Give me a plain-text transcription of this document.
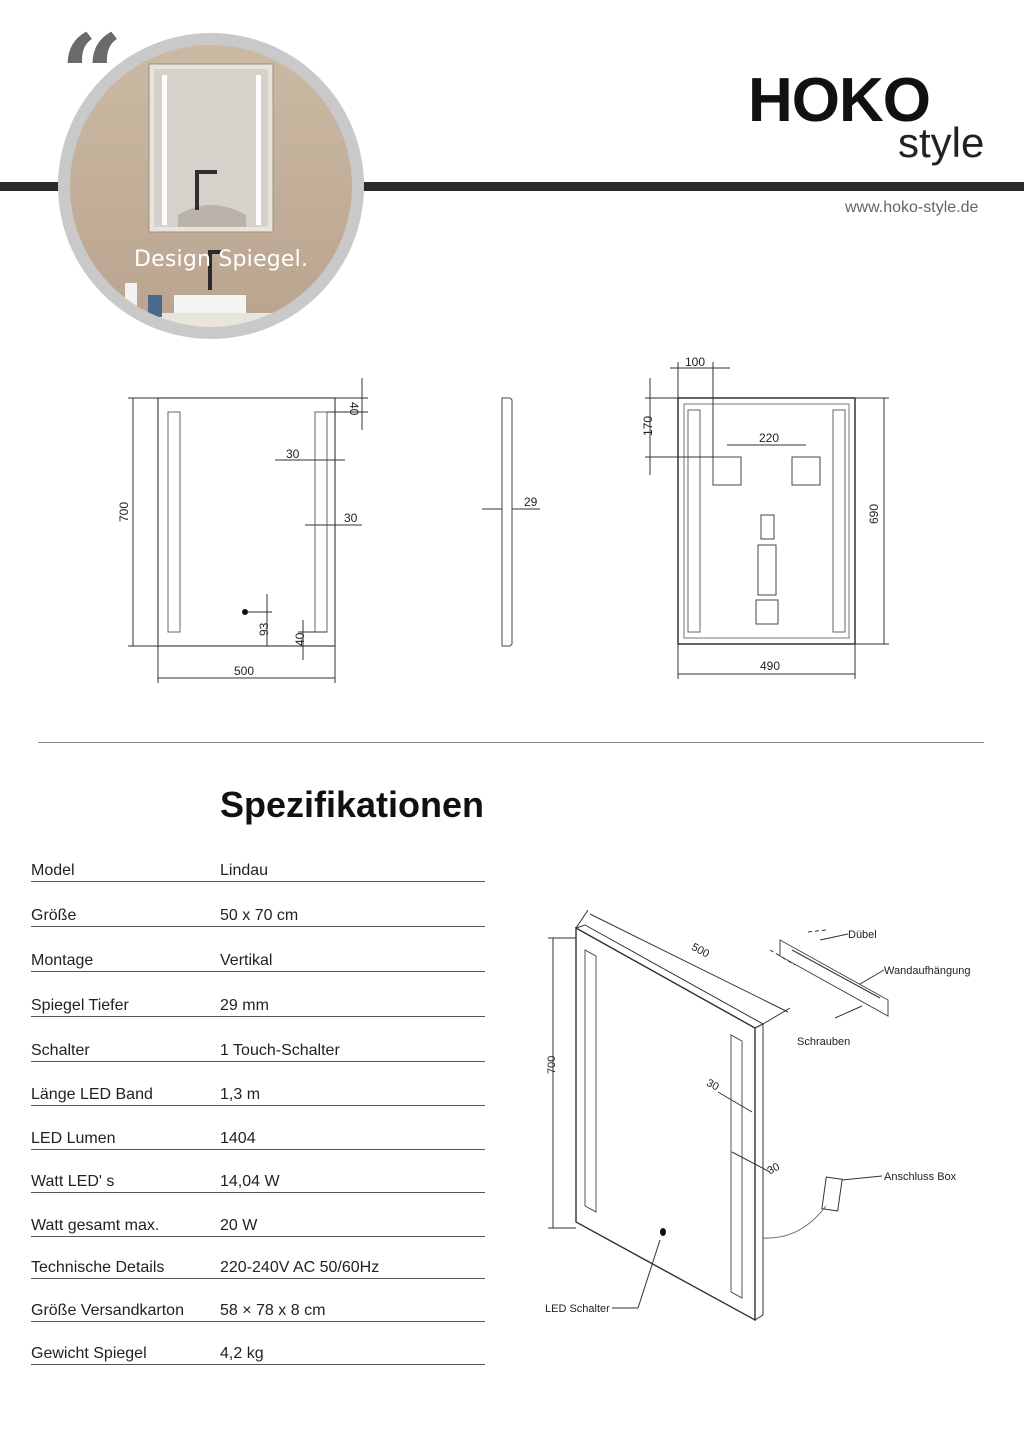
Design Spiegel.
“	HOKO
style
www.hoko-style.de
700
500
40
30
30
93
40
29
100
170
220
690
490
Spezifikationen
Model	Lindau
Größe	50 x 70 cm
Montage	Vertikal
Spiegel Tiefer	29 mm
Schalter	1 Touch-Schalter
Länge LED Band	1,3 m
LED Lumen	1404
Watt LED' s	14,04 W
Watt gesamt max.	20 W
Technische Details	220-240V AC 50/60Hz
Größe Versandkarton 58 × 78 x 8 cm
Gewicht Spiegel	4,2 kg
500
700
30
30
Dübel
Wandaufhängung
Schrauben
Anschluss Box
LED Schalter
